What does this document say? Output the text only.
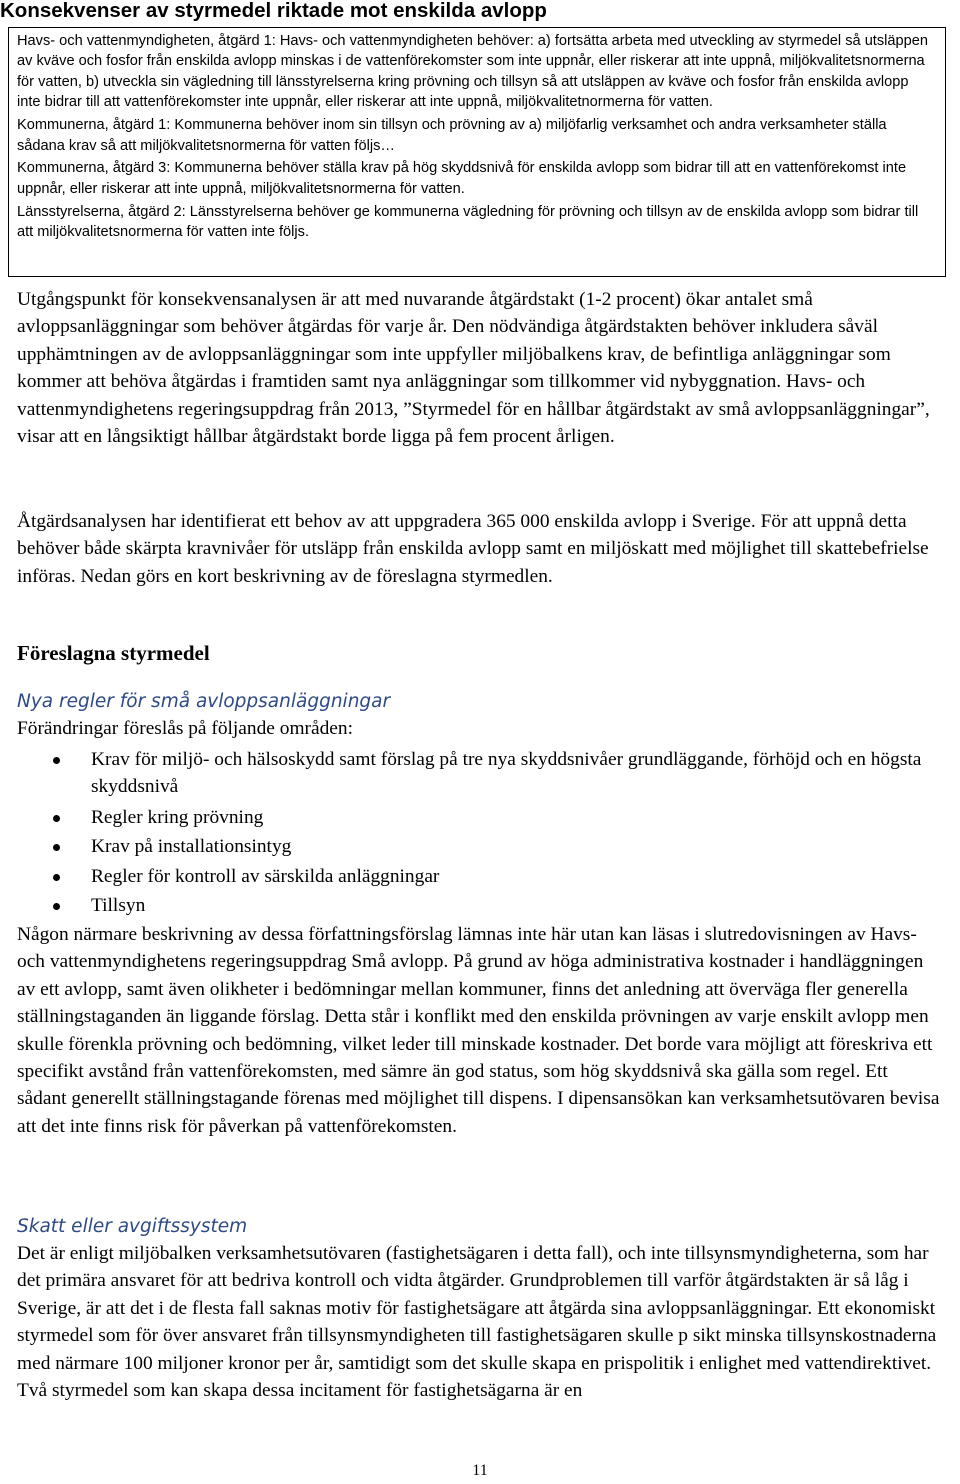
Konsekvenser av styrmedel riktade mot enskilda avlopp

Havs- och vattenmyndigheten, åtgärd 1: Havs- och vattenmyndigheten behöver: a) fortsätta arbeta med utveckling av styrmedel så utsläppen av kväve och fosfor från enskilda avlopp minskas i de vattenförekomster som inte uppnår, eller riskerar att inte uppnå, miljökvalitetsnormerna för vatten, b) utveckla sin vägledning till länsstyrelserna kring prövning och tillsyn så att utsläppen av kväve och fosfor från enskilda avlopp inte bidrar till att vattenförekomster inte uppnår, eller riskerar att inte uppnå, miljökvalitetnormerna för vatten.

Kommunerna, åtgärd 1: Kommunerna behöver inom sin tillsyn och prövning av a) miljöfarlig verksamhet och andra verksamheter ställa sådana krav så att miljökvalitetsnormerna för vatten följs…

Kommunerna, åtgärd 3: Kommunerna behöver ställa krav på hög skyddsnivå för enskilda avlopp som bidrar till att en vattenförekomst inte uppnår, eller riskerar att inte uppnå, miljökvalitetsnormerna för vatten.

Länsstyrelserna, åtgärd 2: Länsstyrelserna behöver ge kommunerna vägledning för prövning och tillsyn av de enskilda avlopp som bidrar till att miljökvalitetsnormerna för vatten inte följs.

Utgångspunkt för konsekvensanalysen är att med nuvarande åtgärdstakt (1-2 procent) ökar antalet små avloppsanläggningar som behöver åtgärdas för varje år. Den nödvändiga åtgärdstakten behöver inkludera såväl upphämtningen av de avloppsanläggningar som inte uppfyller miljöbalkens krav, de befintliga anläggningar som kommer att behöva åtgärdas i framtiden samt nya anläggningar som tillkommer vid nybyggnation. Havs- och vattenmyndighetens regeringsuppdrag från 2013, ”Styrmedel för en hållbar åtgärdstakt av små avloppsanläggningar”, visar att en långsiktigt hållbar åtgärdstakt borde ligga på fem procent årligen.

Åtgärdsanalysen har identifierat ett behov av att uppgradera 365 000 enskilda avlopp i Sverige. För att uppnå detta behöver både skärpta kravnivåer för utsläpp från enskilda avlopp samt en miljöskatt med möjlighet till skattebefrielse införas. Nedan görs en kort beskrivning av de föreslagna styrmedlen.

Föreslagna styrmedel
Nya regler för små avloppsanläggningar

Förändringar föreslås på följande områden:

Krav för miljö- och hälsoskydd samt förslag på tre nya skyddsnivåer grundläggande, förhöjd och en högsta skyddsnivå
Regler kring prövning
Krav på installationsintyg
Regler för kontroll av särskilda anläggningar
Tillsyn

Någon närmare beskrivning av dessa författningsförslag lämnas inte här utan kan läsas i slutredovisningen av Havs- och vattenmyndighetens regeringsuppdrag Små avlopp. På grund av höga administrativa kostnader i handläggningen av ett avlopp, samt även olikheter i bedömningar mellan kommuner, finns det anledning att överväga fler generella ställningstaganden än liggande förslag. Detta står i konflikt med den enskilda prövningen av varje enskilt avlopp men skulle förenkla prövning och bedömning, vilket leder till minskade kostnader. Det borde vara möjligt att föreskriva ett specifikt avstånd från vattenförekomsten, med sämre än god status, som hög skyddsnivå ska gälla som regel. Ett sådant generellt ställningstagande förenas med möjlighet till dispens. I dipensansökan kan verksamhetsutövaren bevisa att det inte finns risk för påverkan på vattenförekomsten.

Skatt eller avgiftssystem

Det är enligt miljöbalken verksamhetsutövaren (fastighetsägaren i detta fall), och inte tillsynsmyndigheterna, som har det primära ansvaret för att bedriva kontroll och vidta åtgärder. Grundproblemen till varför åtgärdstakten är så låg i Sverige, är att det i de flesta fall saknas motiv för fastighetsägare att åtgärda sina avloppsanläggningar. Ett ekonomiskt styrmedel som för över ansvaret från tillsynsmyndigheten till fastighetsägaren skulle p sikt minska tillsynskostnaderna med närmare 100 miljoner kronor per år, samtidigt som det skulle skapa en prispolitik i enlighet med vattendirektivet. Två styrmedel som kan skapa dessa incitament för fastighetsägarna är en

11
